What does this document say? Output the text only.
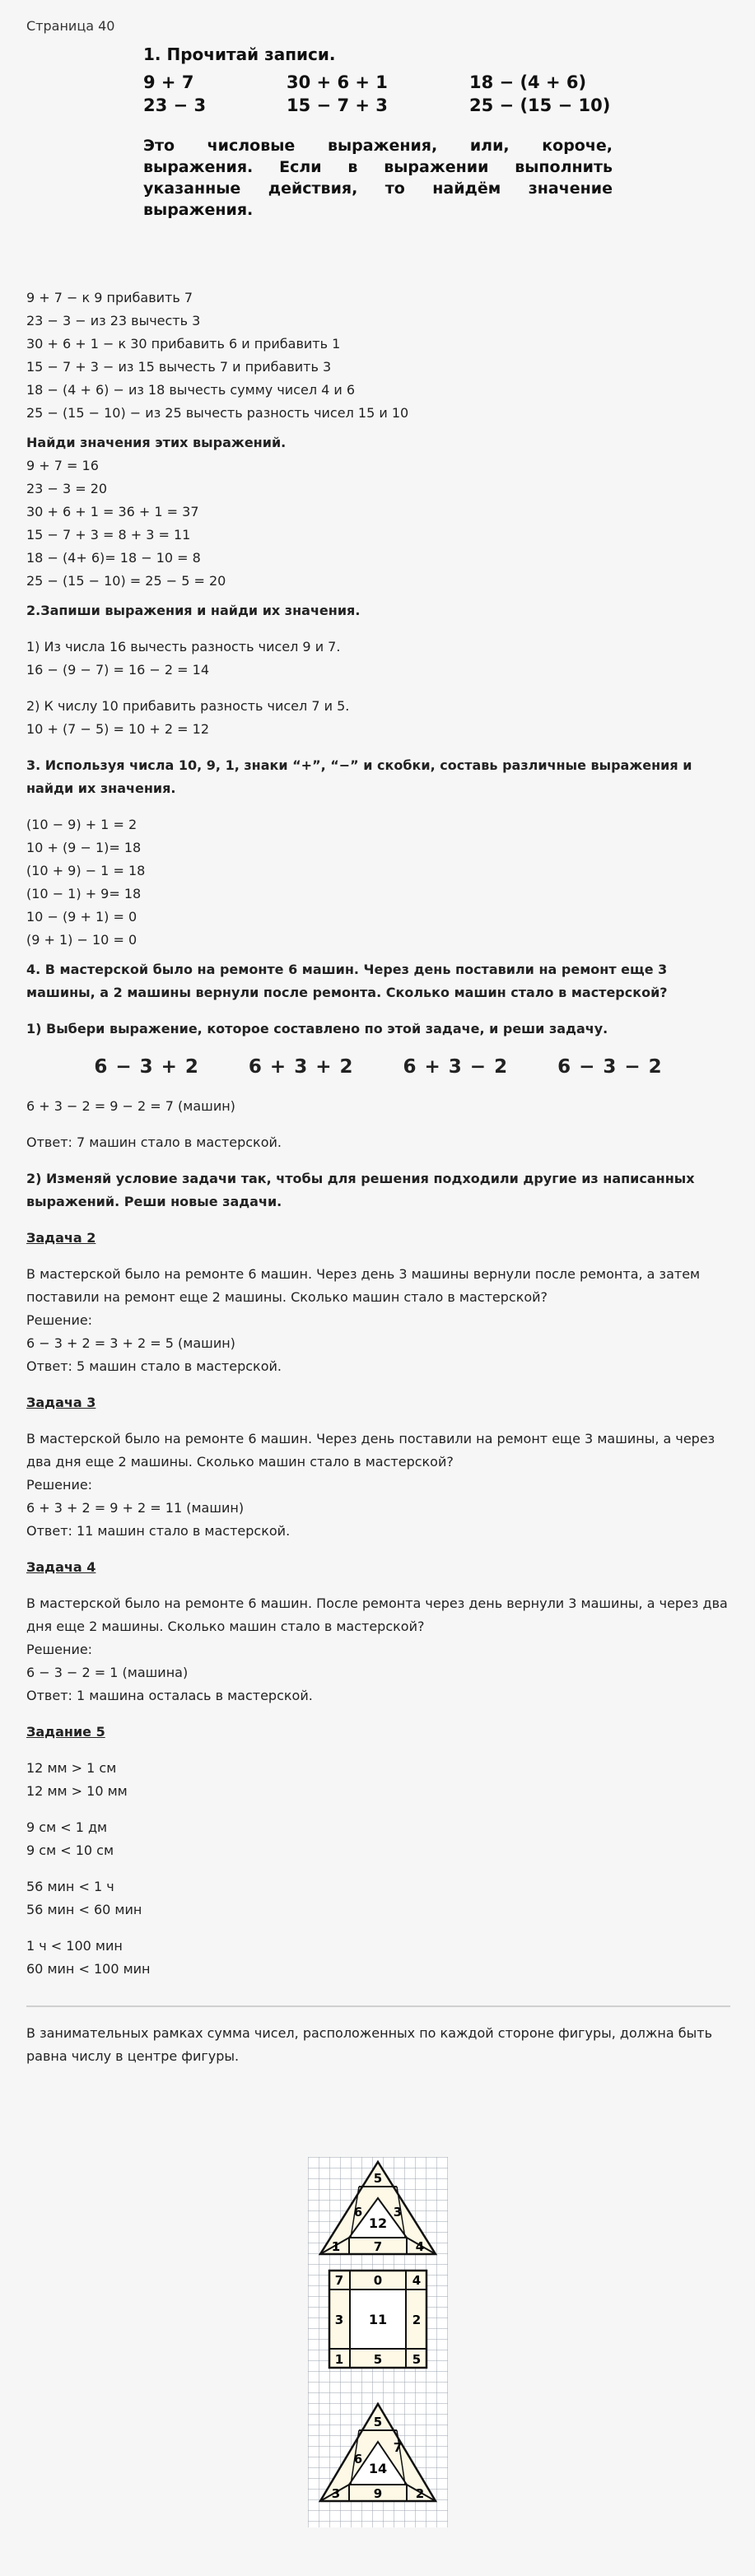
Страница 40
1. Прочитай записи.
9 + 7	30 + 6 + 1	18 − (4 + 6)
23 − 3	15 − 7 + 3	25 − (15 − 10)
Это числовые выражения, или, короче, выражения. Если в выражении выполнить указанные действия, то найдём значение выражения.

9 + 7 − к 9 прибавить 7

23 − 3 − из 23 вычесть 3

30 + 6 + 1 − к 30 прибавить 6 и прибавить 1

15 − 7 + 3 − из 15 вычесть 7 и прибавить 3

18 − (4 + 6) − из 18 вычесть сумму чисел 4 и 6

25 − (15 − 10) − из 25 вычесть разность чисел 15 и 10

Найди значения этих выражений.

9 + 7 = 16

23 − 3 = 20

30 + 6 + 1 = 36 + 1 = 37

15 − 7 + 3 = 8 + 3 = 11

18 − (4+ 6)= 18 − 10 = 8

25 − (15 − 10) = 25 − 5 = 20

2.Запиши выражения и найди их значения.

1) Из числа 16 вычесть разность чисел 9 и 7.

16 − (9 − 7) = 16 − 2 = 14

2) К числу 10 прибавить разность чисел 7 и 5.

10 + (7 − 5) = 10 + 2 = 12

3. Используя числа 10, 9, 1, знаки “+”, “−” и скобки, составь различные выражения и найди их значения.

(10 − 9) + 1 = 2

10 + (9 − 1)= 18

(10 + 9) − 1 = 18

(10 − 1) + 9= 18

10 − (9 + 1) = 0

(9 + 1) − 10 = 0

4. В мастерской было на ремонте 6 машин. Через день поставили на ремонт еще 3 машины, а 2 машины вернули после ремонта. Сколько машин стало в мастерской?

1) Выбери выражение, которое составлено по этой задаче, и реши задачу.

6 − 3 + 2	6 + 3 + 2	6 + 3 − 2	6 − 3 − 2

6 + 3 − 2 = 9 − 2 = 7 (машин)

Ответ: 7 машин стало в мастерской.

2) Изменяй условие задачи так, чтобы для решения подходили другие из написанных выражений. Реши новые задачи.

Задача 2

В мастерской было на ремонте 6 машин. Через день 3 машины вернули после ремонта, а затем поставили на ремонт еще 2 машины. Сколько машин стало в мастерской?

Решение:

6 − 3 + 2 = 3 + 2 = 5 (машин)

Ответ: 5 машин стало в мастерской.

Задача 3

В мастерской было на ремонте 6 машин. Через день поставили на ремонт еще 3 машины, а через два дня еще 2 машины. Сколько машин стало в мастерской?

Решение:

6 + 3 + 2 = 9 + 2 = 11 (машин)

Ответ: 11 машин стало в мастерской.

Задача 4

В мастерской было на ремонте 6 машин. После ремонта через день вернули 3 машины, а через два дня еще 2 машины. Сколько машин стало в мастерской?

Решение:

6 − 3 − 2 = 1 (машина)

Ответ: 1 машина осталась в мастерской.

Задание 5

12 мм > 1 см

12 мм > 10 мм

9 см < 1 дм

9 см < 10 см

56 мин < 1 ч

56 мин < 60 мин

1 ч < 100 мин

60 мин < 100 мин

В занимательных рамках сумма чисел, расположенных по каждой стороне фигуры, должна быть равна числу в центре фигуры.

5
6	3
12
1	7	4
7 0 4
3 11 2
1 5 5
5
6
7
14
3	9	2
